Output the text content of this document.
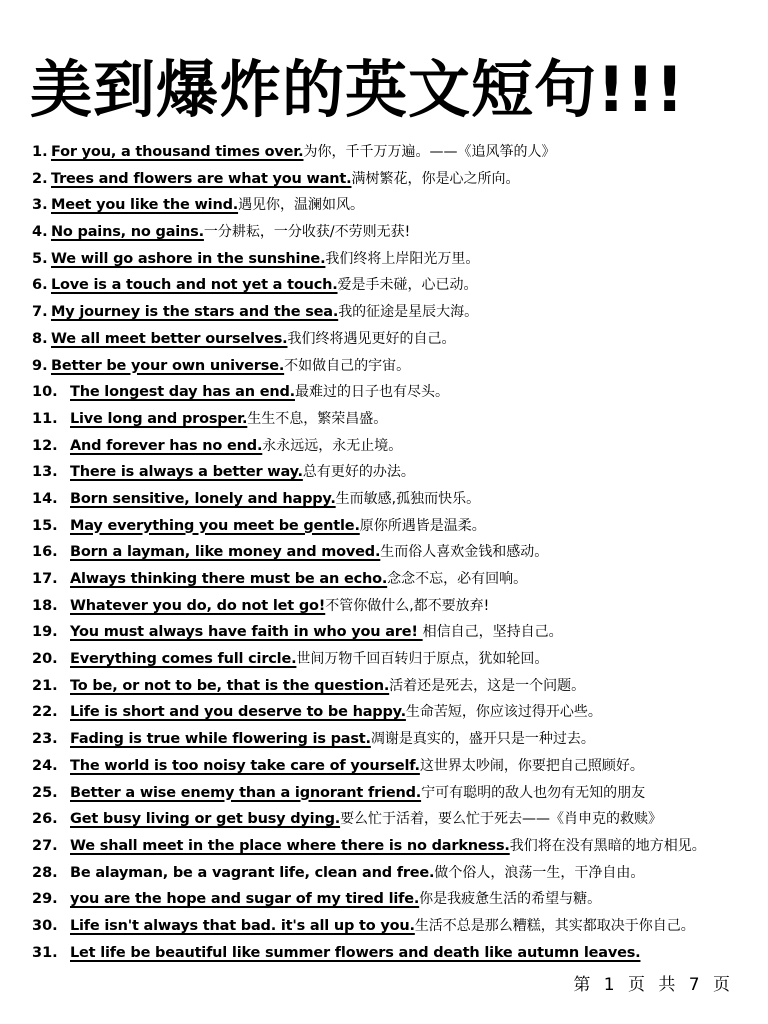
美到爆炸的英文短句!!!
1. For you, a thousand times over.为你，千千万万遍。——《追风筝的人》
2. Trees and flowers are what you want.满树繁花，你是心之所向。
3. Meet you like the wind.遇见你，温澜如风。
4. No pains, no gains.一分耕耘，一分收获/不劳则无获!
5. We will go ashore in the sunshine.我们终将上岸阳光万里。
6. Love is a touch and not yet a touch.爱是手未碰，心已动。
7. My journey is the stars and the sea.我的征途是星辰大海。
8. We all meet better ourselves.我们终将遇见更好的自己。
9. Better be your own universe.不如做自己的宇宙。
10. The longest day has an end.最难过的日子也有尽头。
11. Live long and prosper.生生不息，繁荣昌盛。
12. And forever has no end.永永远远，永无止境。
13. There is always a better way.总有更好的办法。
14. Born sensitive, lonely and happy.生而敏感,孤独而快乐。
15. May everything you meet be gentle.原你所遇皆是温柔。
16. Born a layman, like money and moved.生而俗人喜欢金钱和感动。
17. Always thinking there must be an echo.念念不忘，必有回响。
18. Whatever you do, do not let go!不管你做什么,都不要放弃!
19. You must always have faith in who you are! 相信自己，坚持自己。
20. Everything comes full circle.世间万物千回百转归于原点，犹如轮回。
21. To be, or not to be, that is the question.活着还是死去，这是一个问题。
22. Life is short and you deserve to be happy.生命苦短，你应该过得开心些。
23. Fading is true while flowering is past.凋谢是真实的，盛开只是一种过去。
24. The world is too noisy take care of yourself.这世界太吵闹，你要把自己照顾好。
25. Better a wise enemy than a ignorant friend.宁可有聪明的敌人也勿有无知的朋友
26. Get busy living or get busy dying.要么忙于活着，要么忙于死去——《肖申克的救赎》
27. We shall meet in the place where there is no darkness.我们将在没有黑暗的地方相见。
28. Be alayman, be a vagrant life, clean and free.做个俗人，浪荡一生，干净自由。
29. you are the hope and sugar of my tired life.你是我疲惫生活的希望与糖。
30. Life isn't always that bad. it's all up to you.生活不总是那么糟糕，其实都取决于你自己。
31. Let life be beautiful like summer flowers and death like autumn leaves.
第 1 页 共 7 页
